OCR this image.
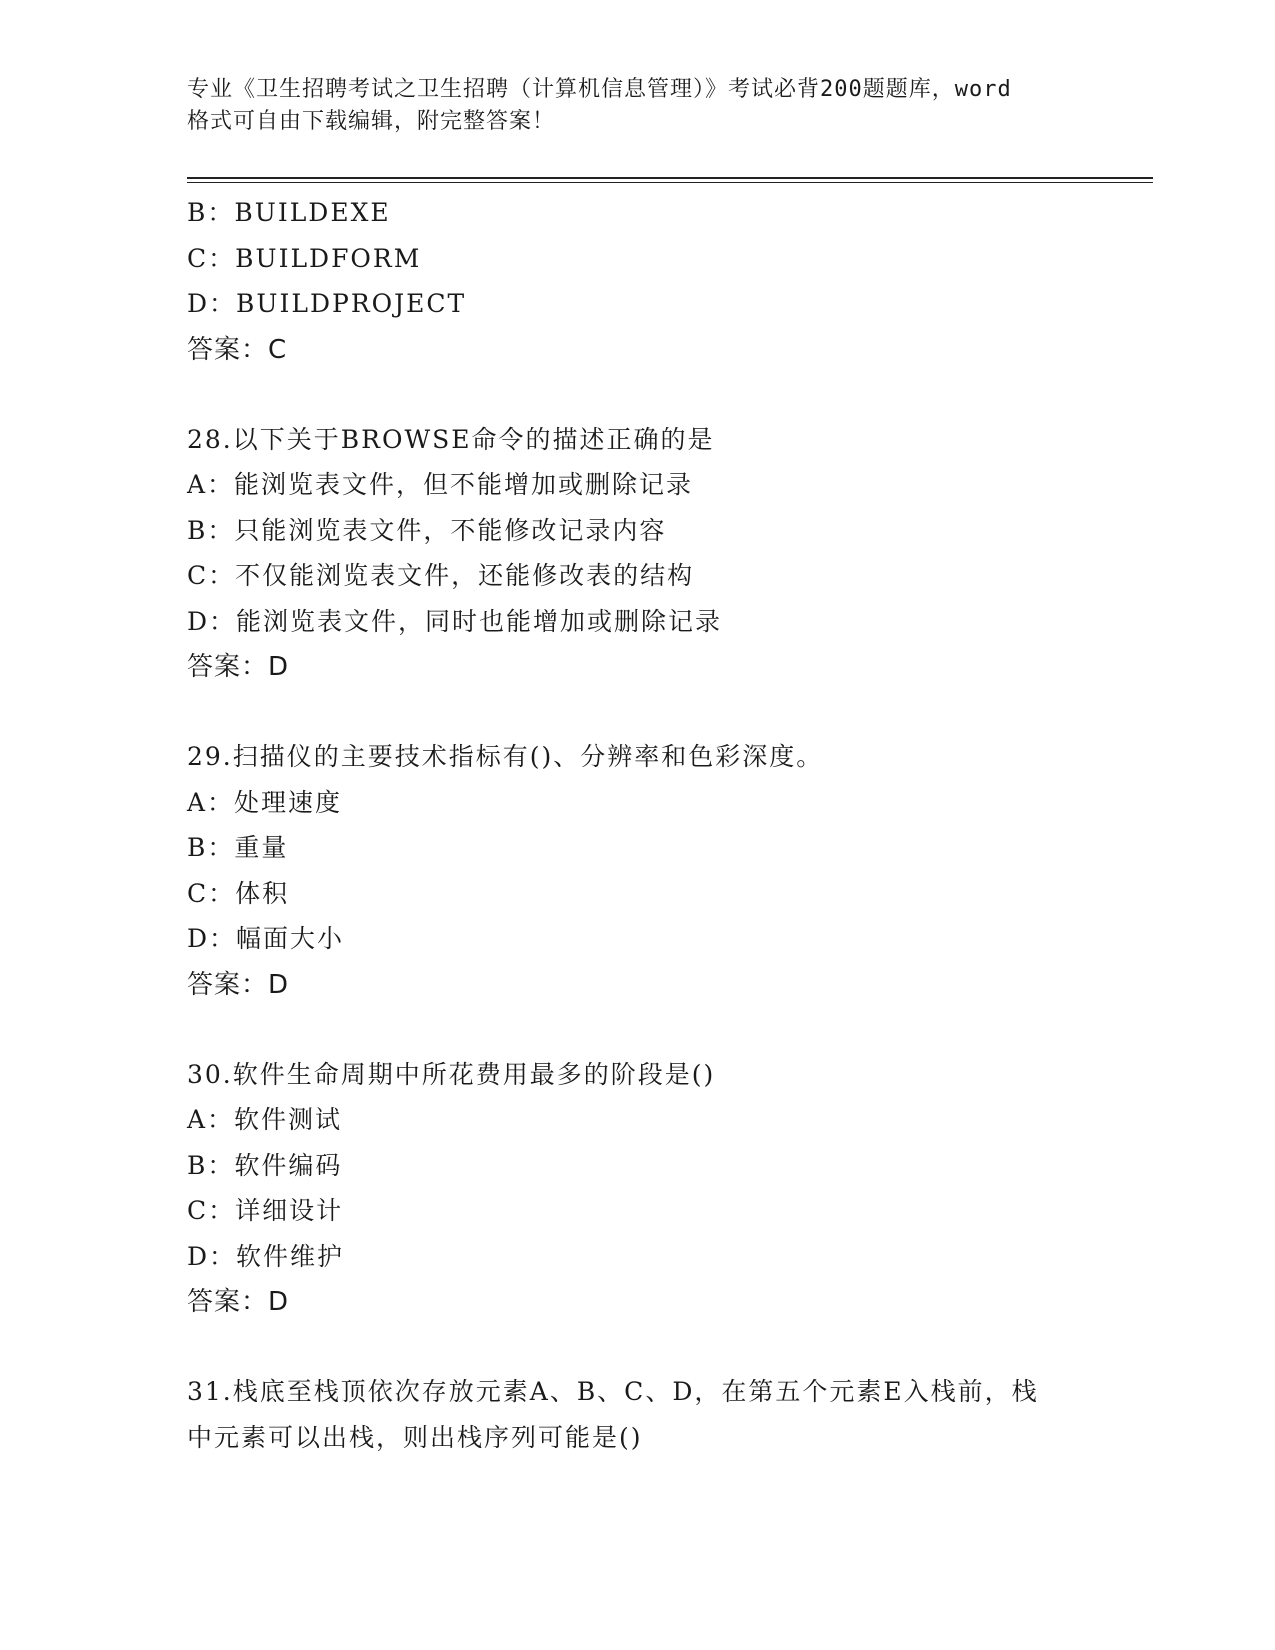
专业《卫生招聘考试之卫生招聘（计算机信息管理）》考试必背200题题库，word
格式可自由下载编辑，附完整答案！
B：BUILDEXE
C：BUILDFORM
D：BUILDPROJECT
答案：C
28.以下关于BROWSE命令的描述正确的是
A：能浏览表文件，但不能增加或删除记录
B：只能浏览表文件，不能修改记录内容
C：不仅能浏览表文件，还能修改表的结构
D：能浏览表文件，同时也能增加或删除记录
答案：D
29.扫描仪的主要技术指标有()、分辨率和色彩深度。
A：处理速度
B：重量
C：体积
D：幅面大小
答案：D
30.软件生命周期中所花费用最多的阶段是()
A：软件测试
B：软件编码
C：详细设计
D：软件维护
答案：D
31.栈底至栈顶依次存放元素A、B、C、D，在第五个元素E入栈前，栈
中元素可以出栈，则出栈序列可能是()
